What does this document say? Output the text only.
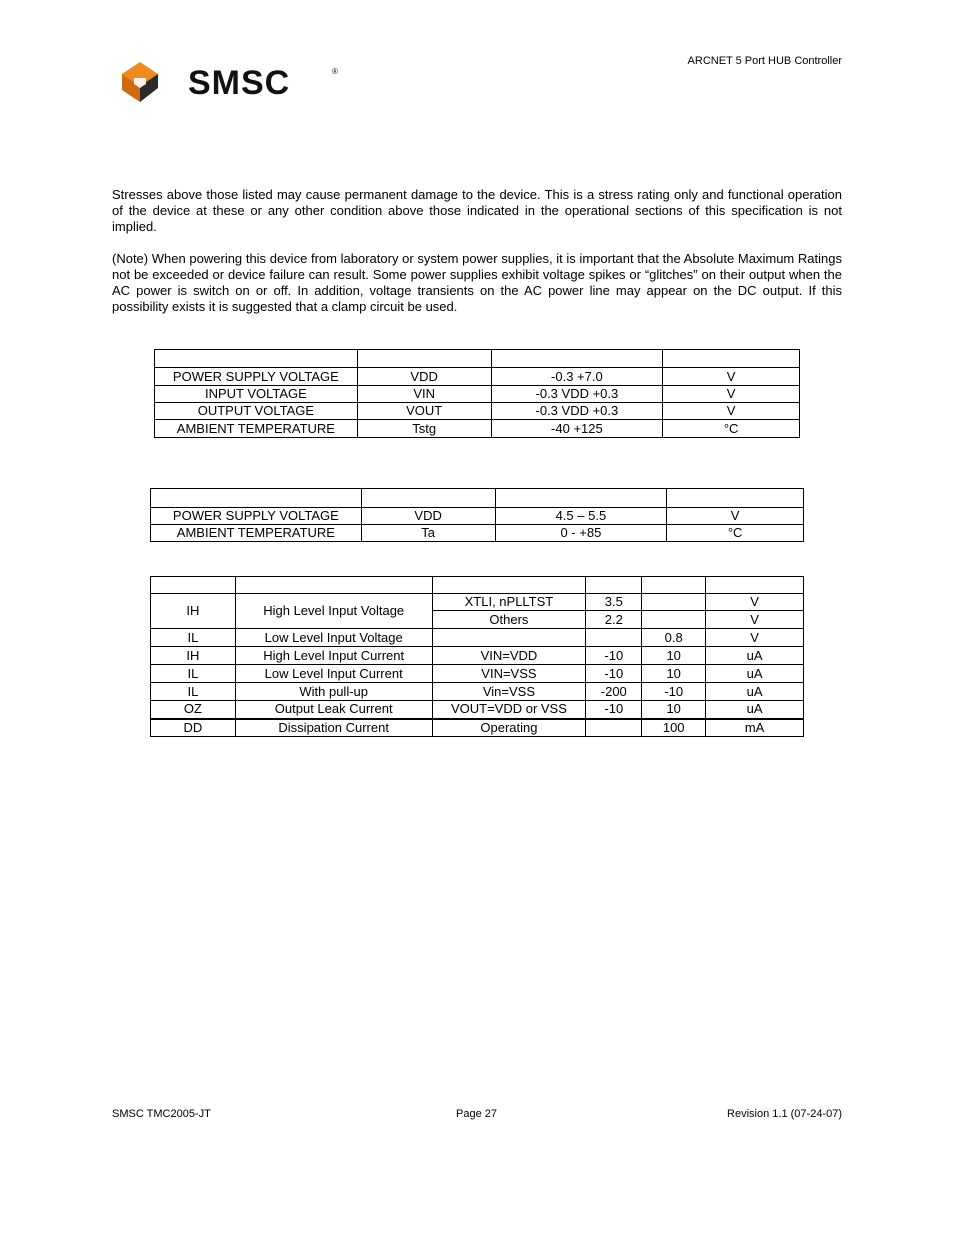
ARCNET 5 Port HUB Controller
SMSC	®

Stresses above those listed may cause permanent damage to the device. This is a stress rating only and functional operation of the device at these or any other condition above those indicated in the operational sections of this specification is not implied.

(Note) When powering this device from laboratory or system power supplies, it is important that the Absolute Maximum Ratings not be exceeded or device failure can result. Some power supplies exhibit voltage spikes or “glitches” on their output when the AC power is switch on or off. In addition, voltage transients on the AC power line may appear on the DC output. If this possibility exists it is suggested that a clamp circuit be used.

POWER SUPPLY VOLTAGE	VDD	-0.3 +7.0	V
INPUT VOLTAGE	VIN	-0.3 VDD +0.3	V
OUTPUT VOLTAGE	VOUT	-0.3 VDD +0.3	V
AMBIENT TEMPERATURE	Tstg	-40 +125	°C

POWER SUPPLY VOLTAGE	VDD	4.5 – 5.5	V
AMBIENT TEMPERATURE	Ta	0 - +85	°C

IH	High Level Input Voltage	XTLI, nPLLTST	3.5		V
		Others	2.2		V
IL	Low Level Input Voltage			0.8	V
IH	High Level Input Current	VIN=VDD	-10	10	uA
IL	Low Level Input Current	VIN=VSS	-10	10	uA
IL	With pull-up	Vin=VSS	-200	-10	uA
OZ	Output Leak Current	VOUT=VDD or VSS	-10	10	uA
DD	Dissipation Current	Operating		100	mA
SMSC TMC2005-JT	Page 27	Revision 1.1 (07-24-07)
